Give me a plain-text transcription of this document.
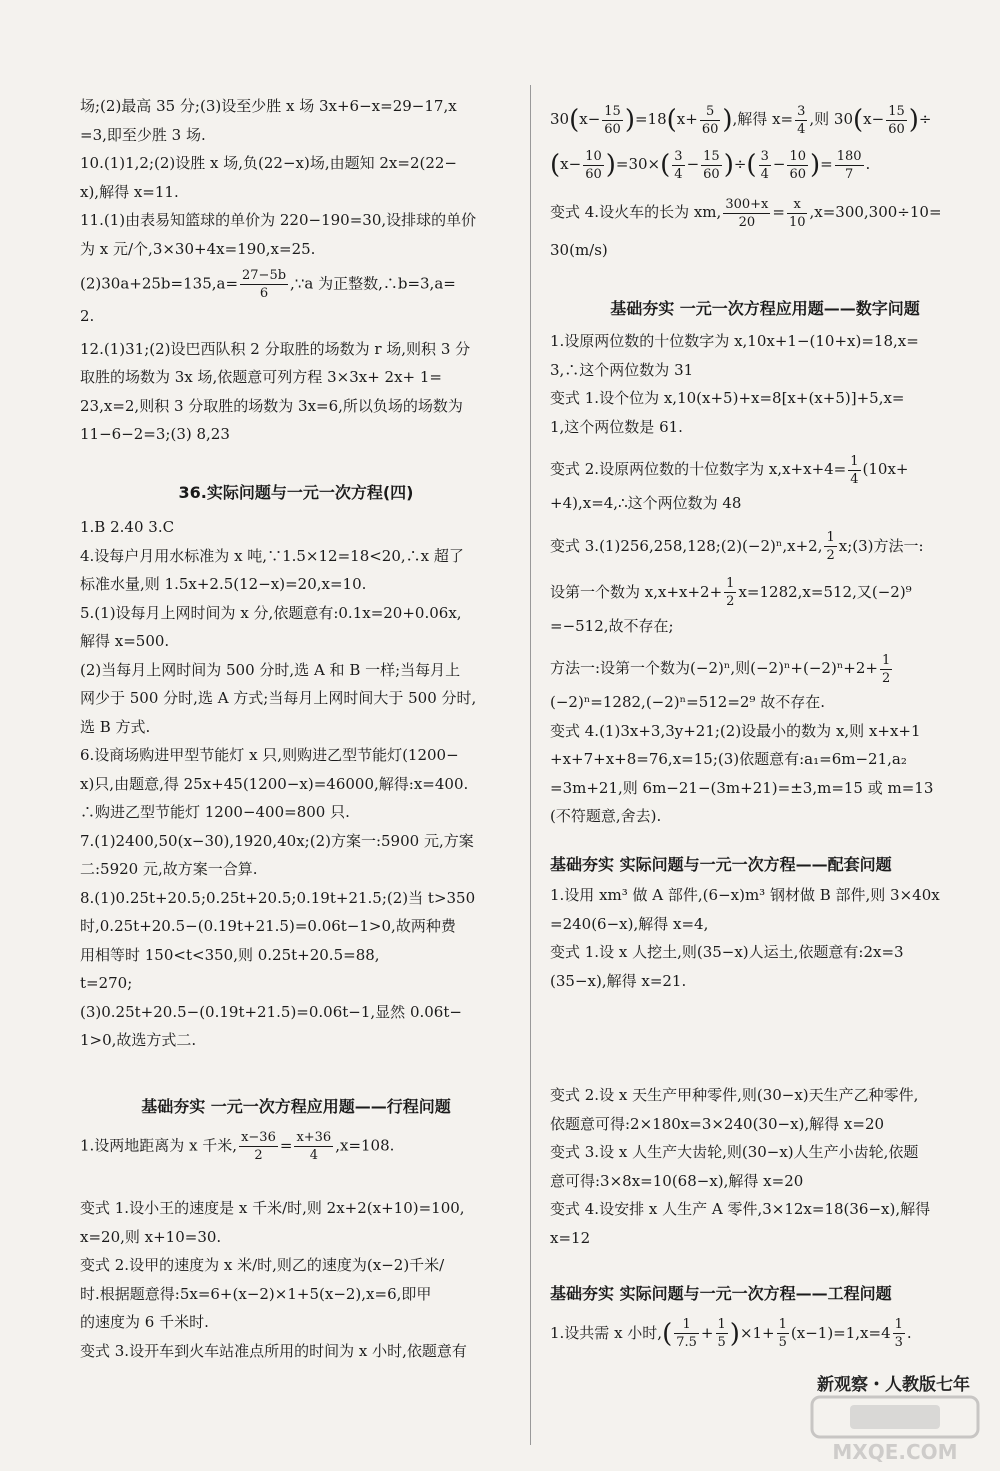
场;(2)最高 35 分;(3)设至少胜 x 场 3x+6−x=29−17,x

=3,即至少胜 3 场.

10.(1)1,2;(2)设胜 x 场,负(22−x)场,由题知 2x=2(22−

x),解得 x=11.

11.(1)由表易知篮球的单价为 220−190=30,设排球的单价

为 x 元/个,3×30+4x=190,x=25.

$(2)30a+25b=135,a= \frac{27-5b}{6}$ ,∵a 为正整数,∴b=3,a=

2.

12.(1)31;(2)设巴西队积 2 分取胜的场数为 r 场,则积 3 分

取胜的场数为 3x 场,依题意可列方程 3×3x+ 2x+ 1=

23,x=2,则积 3 分取胜的场数为 3x=6,所以负场的场数为

11−6−2=3;(3) 8,23

36.实际问题与一元一次方程(四)

1.B 2.40 3.C

4.设每户月用水标准为 x 吨,∵1.5×12=18<20,∴x 超了

标准水量,则 1.5x+2.5(12−x)=20,x=10.

5.(1)设每月上网时间为 x 分,依题意有:0.1x=20+0.06x,

解得 x=500.

(2)当每月上网时间为 500 分时,选 A 和 B 一样;当每月上

网少于 500 分时,选 A 方式;当每月上网时间大于 500 分时,

选 B 方式.

6.设商场购进甲型节能灯 x 只,则购进乙型节能灯(1200−

x)只,由题意,得 25x+45(1200−x)=46000,解得:x=400.

∴购进乙型节能灯 1200−400=800 只.

7.(1)2400,50(x−30),1920,40x;(2)方案一:5900 元,方案

二:5920 元,故方案一合算.

8.(1)0.25t+20.5;0.25t+20.5;0.19t+21.5;(2)当 t>350

时,0.25t+20.5−(0.19t+21.5)=0.06t−1>0,故两种费

用相等时 150<t<350,则 0.25t+20.5=88,

t=270;

(3)0.25t+20.5−(0.19t+21.5)=0.06t−1,显然 0.06t−

1>0,故选方式二.

基础夯实 一元一次方程应用题——行程问题

1.设两地距离为 x 千米, $\frac{x-36}{2} = \frac{x+36}{4} ,x=108$.

变式 1.设小王的速度是 x 千米/时,则 2x+2(x+10)=100,

x=20,则 x+10=30.

变式 2.设甲的速度为 x 米/时,则乙的速度为(x−2)千米/

时.根据题意得:5x=6+(x−2)×1+5(x−2),x=6,即甲

的速度为 6 千米时.

变式 3.设开车到火车站准点所用的时间为 x 小时,依题意有

$30(x- \frac{15}{60} )=18(x+ \frac{5}{60}$ ),解得 $x= \frac{3}{4}$ ,则 $30(x- \frac{15}{60}$ )÷

$(x- \frac{10}{60} )=30\times( \frac{3}{4} - \frac{15}{60}$ )÷( $\frac{3}{4} - \frac{10}{60}$ )= $\frac{180}{7}$ .

变式 4.设火车的长为 xm, $\frac{300+x}{20} = \frac{x}{10} ,x=300,300\div 10=$

30(m/s)

基础夯实 一元一次方程应用题——数字问题

1.设原两位数的十位数字为 x,10x+1−(10+x)=18,x=

3,∴这个两位数为 31

变式 1.设个位为 x,10(x+5)+x=8[x+(x+5)]+5,x=

1,这个两位数是 61.

变式 2.设原两位数的十位数字为 $x,x+x+4= \frac{1}{4} (10x+$

+4),x=4,∴这个两位数为 48

变式 3.(1)256,258,128;(2)(−2)ⁿ,x+2, $\frac{1}{2}$ x;(3)方法一:

设第一个数为 $x,x+x+2+ \frac{1}{2} x=1282,x=512$,又(−2)⁹

=−512,故不存在;

方法一:设第一个数为(−2)ⁿ,则$(-2)^n+(-2)^n+2+ \frac{1}{2}$

(−2)ⁿ=1282,(−2)ⁿ=512=2⁹ 故不存在.

变式 4.(1)3x+3,3y+21;(2)设最小的数为 x,则 x+x+1

+x+7+x+8=76,x=15;(3)依题意有:a₁=6m−21,a₂

=3m+21,则 6m−21−(3m+21)=±3,m=15 或 m=13

(不符题意,舍去).

基础夯实 实际问题与一元一次方程——配套问题

1.设用 xm³ 做 A 部件,(6−x)m³ 钢材做 B 部件,则 3×40x

=240(6−x),解得 x=4,

变式 1.设 x 人挖土,则(35−x)人运土,依题意有:2x=3

(35−x),解得 x=21.

变式 2.设 x 天生产甲种零件,则(30−x)天生产乙种零件,

依题意可得:2×180x=3×240(30−x),解得 x=20

变式 3.设 x 人生产大齿轮,则(30−x)人生产小齿轮,依题

意可得:3×8x=10(68−x),解得 x=20

变式 4.设安排 x 人生产 A 零件,3×12x=18(36−x),解得

x=12

基础夯实 实际问题与一元一次方程——工程问题

1.设共需 x 小时,( $\frac{1}{7.5} + \frac{1}{5} )\times 1+ \frac{1}{5} (x-1)=1,x=4 \frac{1}{3}$ .

新观察・人教版七年
MXQE.COM
